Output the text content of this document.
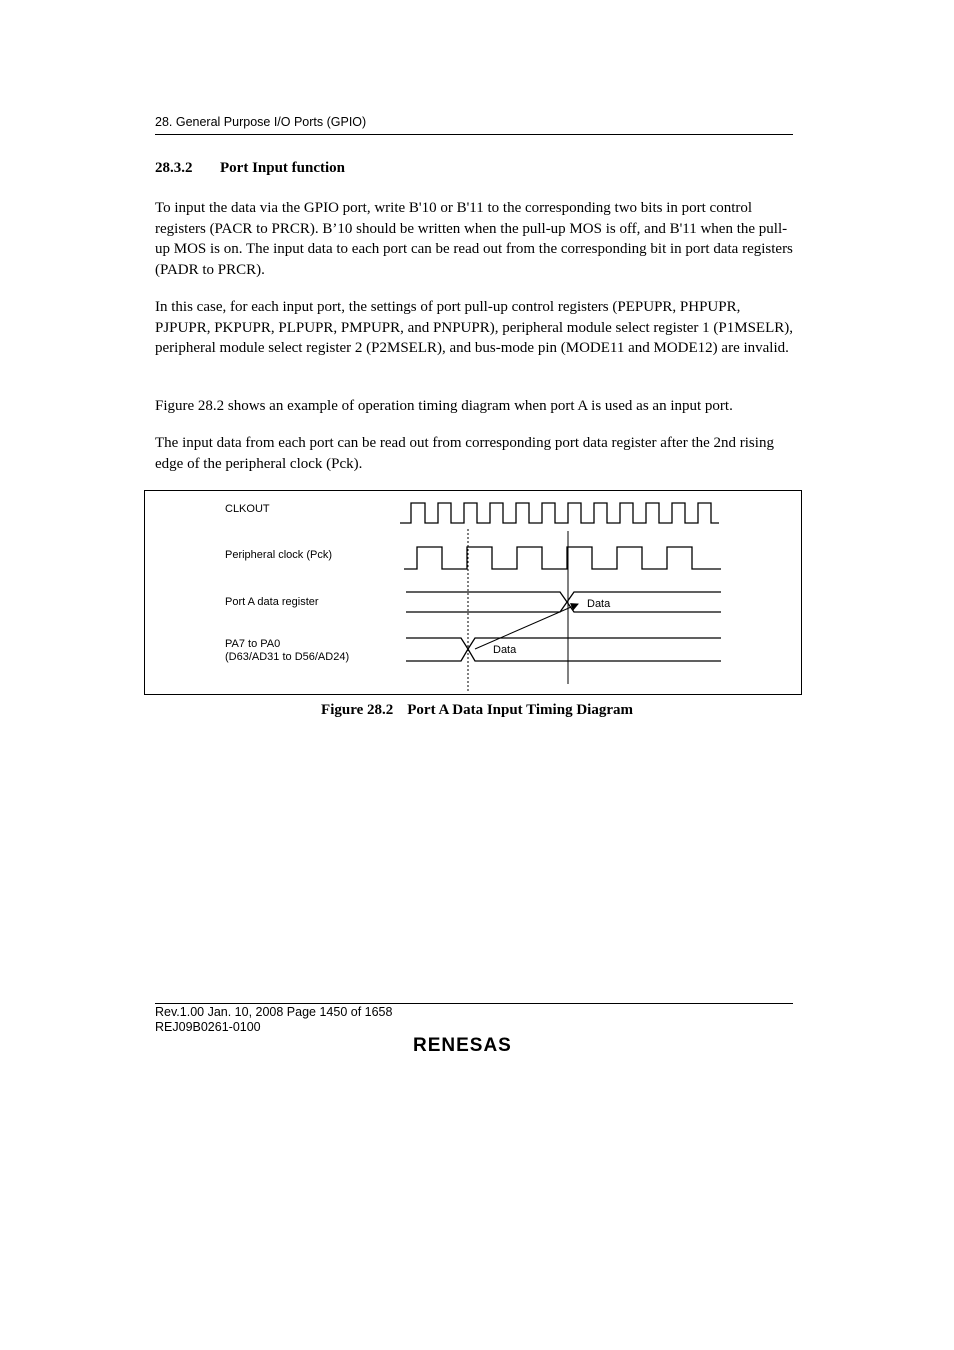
28. General Purpose I/O Ports (GPIO)
28.3.2 Port Input function

To input the data via the GPIO port, write B'10 or B'11 to the corresponding two bits in port control registers (PACR to PRCR). B’10 should be written when the pull-up MOS is off, and B'11 when the pull-up MOS is on. The input data to each port can be read out from the corresponding bit in port data registers (PADR to PRCR).

In this case, for each input port, the settings of port pull-up control registers (PEPUPR, PHPUPR, PJPUPR, PKPUPR, PLPUPR, PMPUPR, and PNPUPR), peripheral module select register 1 (P1MSELR), peripheral module select register 2 (P2MSELR), and bus-mode pin (MODE11 and MODE12) are invalid.

Figure 28.2 shows an example of operation timing diagram when port A is used as an input port.

The input data from each port can be read out from corresponding port data register after the 2nd rising edge of the peripheral clock (Pck).

CLKOUT
Peripheral clock (Pck)
Port A data register
PA7 to PA0
(D63/AD31 to D56/AD24)
Data
Data
Figure 28.2 Port A Data Input Timing Diagram
Rev.1.00 Jan. 10, 2008 Page 1450 of 1658
REJ09B0261-0100
RENESAS
